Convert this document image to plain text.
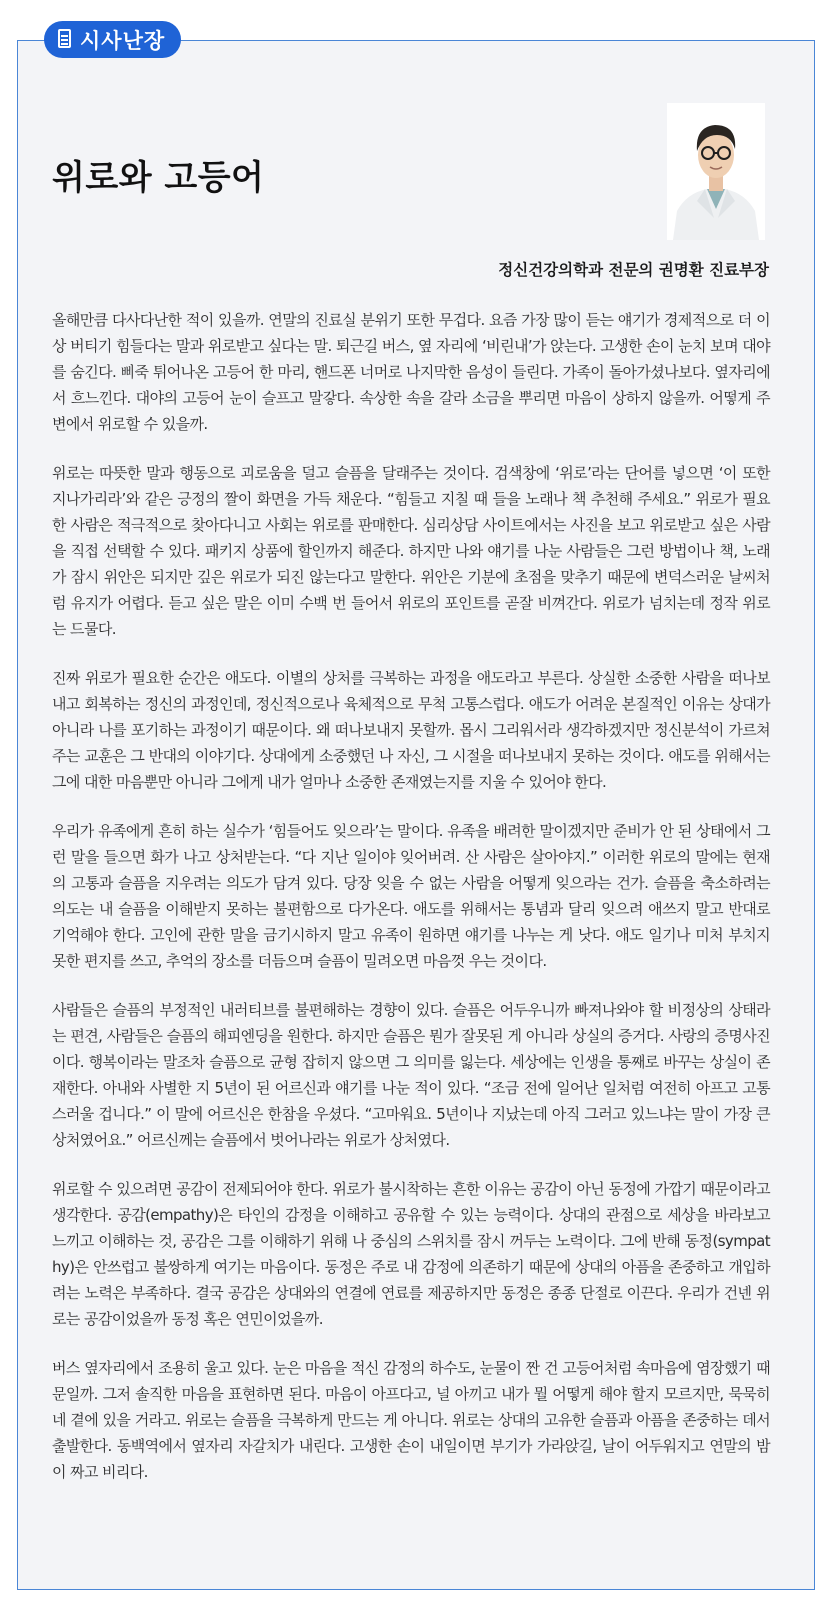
시사난장
위로와 고등어
정신건강의학과 전문의 권명환 진료부장

올해만큼 다사다난한 적이 있을까. 연말의 진료실 분위기 또한 무겁다. 요즘 가장 많이 듣는 얘기가 경제적으로 더 이상 버티기 힘들다는 말과 위로받고 싶다는 말. 퇴근길 버스, 옆 자리에 ‘비린내’가 앉는다. 고생한 손이 눈치 보며 대야를 숨긴다. 삐죽 튀어나온 고등어 한 마리, 핸드폰 너머로 나지막한 음성이 들린다. 가족이 돌아가셨나보다. 옆자리에서 흐느낀다. 대야의 고등어 눈이 슬프고 말갛다. 속상한 속을 갈라 소금을 뿌리면 마음이 상하지 않을까. 어떻게 주변에서 위로할 수 있을까.

위로는 따뜻한 말과 행동으로 괴로움을 덜고 슬픔을 달래주는 것이다. 검색창에 ‘위로’라는 단어를 넣으면 ‘이 또한 지나가리라’와 같은 긍정의 짤이 화면을 가득 채운다. “힘들고 지칠 때 들을 노래나 책 추천해 주세요.” 위로가 필요한 사람은 적극적으로 찾아다니고 사회는 위로를 판매한다. 심리상담 사이트에서는 사진을 보고 위로받고 싶은 사람을 직접 선택할 수 있다. 패키지 상품에 할인까지 해준다. 하지만 나와 얘기를 나눈 사람들은 그런 방법이나 책, 노래가 잠시 위안은 되지만 깊은 위로가 되진 않는다고 말한다. 위안은 기분에 초점을 맞추기 때문에 변덕스러운 날씨처럼 유지가 어렵다. 듣고 싶은 말은 이미 수백 번 들어서 위로의 포인트를 곧잘 비껴간다. 위로가 넘치는데 정작 위로는 드물다.

진짜 위로가 필요한 순간은 애도다. 이별의 상처를 극복하는 과정을 애도라고 부른다. 상실한 소중한 사람을 떠나보내고 회복하는 정신의 과정인데, 정신적으로나 육체적으로 무척 고통스럽다. 애도가 어려운 본질적인 이유는 상대가 아니라 나를 포기하는 과정이기 때문이다. 왜 떠나보내지 못할까. 몹시 그리워서라 생각하겠지만 정신분석이 가르쳐주는 교훈은 그 반대의 이야기다. 상대에게 소중했던 나 자신, 그 시절을 떠나보내지 못하는 것이다. 애도를 위해서는 그에 대한 마음뿐만 아니라 그에게 내가 얼마나 소중한 존재였는지를 지울 수 있어야 한다.

우리가 유족에게 흔히 하는 실수가 ‘힘들어도 잊으라’는 말이다. 유족을 배려한 말이겠지만 준비가 안 된 상태에서 그런 말을 들으면 화가 나고 상처받는다. “다 지난 일이야 잊어버려. 산 사람은 살아야지.” 이러한 위로의 말에는 현재의 고통과 슬픔을 지우려는 의도가 담겨 있다. 당장 잊을 수 없는 사람을 어떻게 잊으라는 건가. 슬픔을 축소하려는 의도는 내 슬픔을 이해받지 못하는 불편함으로 다가온다. 애도를 위해서는 통념과 달리 잊으려 애쓰지 말고 반대로 기억해야 한다. 고인에 관한 말을 금기시하지 말고 유족이 원하면 얘기를 나누는 게 낫다. 애도 일기나 미처 부치지 못한 편지를 쓰고, 추억의 장소를 더듬으며 슬픔이 밀려오면 마음껏 우는 것이다.

사람들은 슬픔의 부정적인 내러티브를 불편해하는 경향이 있다. 슬픔은 어두우니까 빠져나와야 할 비정상의 상태라는 편견, 사람들은 슬픔의 해피엔딩을 원한다. 하지만 슬픔은 뭔가 잘못된 게 아니라 상실의 증거다. 사랑의 증명사진이다. 행복이라는 말조차 슬픔으로 균형 잡히지 않으면 그 의미를 잃는다. 세상에는 인생을 통째로 바꾸는 상실이 존재한다. 아내와 사별한 지 5년이 된 어르신과 얘기를 나눈 적이 있다. “조금 전에 일어난 일처럼 여전히 아프고 고통스러울 겁니다.” 이 말에 어르신은 한참을 우셨다. “고마워요. 5년이나 지났는데 아직 그러고 있느냐는 말이 가장 큰 상처였어요.” 어르신께는 슬픔에서 벗어나라는 위로가 상처였다.

위로할 수 있으려면 공감이 전제되어야 한다. 위로가 불시착하는 흔한 이유는 공감이 아닌 동정에 가깝기 때문이라고 생각한다. 공감(empathy)은 타인의 감정을 이해하고 공유할 수 있는 능력이다. 상대의 관점으로 세상을 바라보고 느끼고 이해하는 것, 공감은 그를 이해하기 위해 나 중심의 스위치를 잠시 꺼두는 노력이다. 그에 반해 동정(sympathy)은 안쓰럽고 불쌍하게 여기는 마음이다. 동정은 주로 내 감정에 의존하기 때문에 상대의 아픔을 존중하고 개입하려는 노력은 부족하다. 결국 공감은 상대와의 연결에 연료를 제공하지만 동정은 종종 단절로 이끈다. 우리가 건넨 위로는 공감이었을까 동정 혹은 연민이었을까.

버스 옆자리에서 조용히 울고 있다. 눈은 마음을 적신 감정의 하수도, 눈물이 짠 건 고등어처럼 속마음에 염장했기 때문일까. 그저 솔직한 마음을 표현하면 된다. 마음이 아프다고, 널 아끼고 내가 뭘 어떻게 해야 할지 모르지만, 묵묵히 네 곁에 있을 거라고. 위로는 슬픔을 극복하게 만드는 게 아니다. 위로는 상대의 고유한 슬픔과 아픔을 존중하는 데서 출발한다. 동백역에서 옆자리 자갈치가 내린다. 고생한 손이 내일이면 부기가 가라앉길, 날이 어두워지고 연말의 밤이 짜고 비리다.
